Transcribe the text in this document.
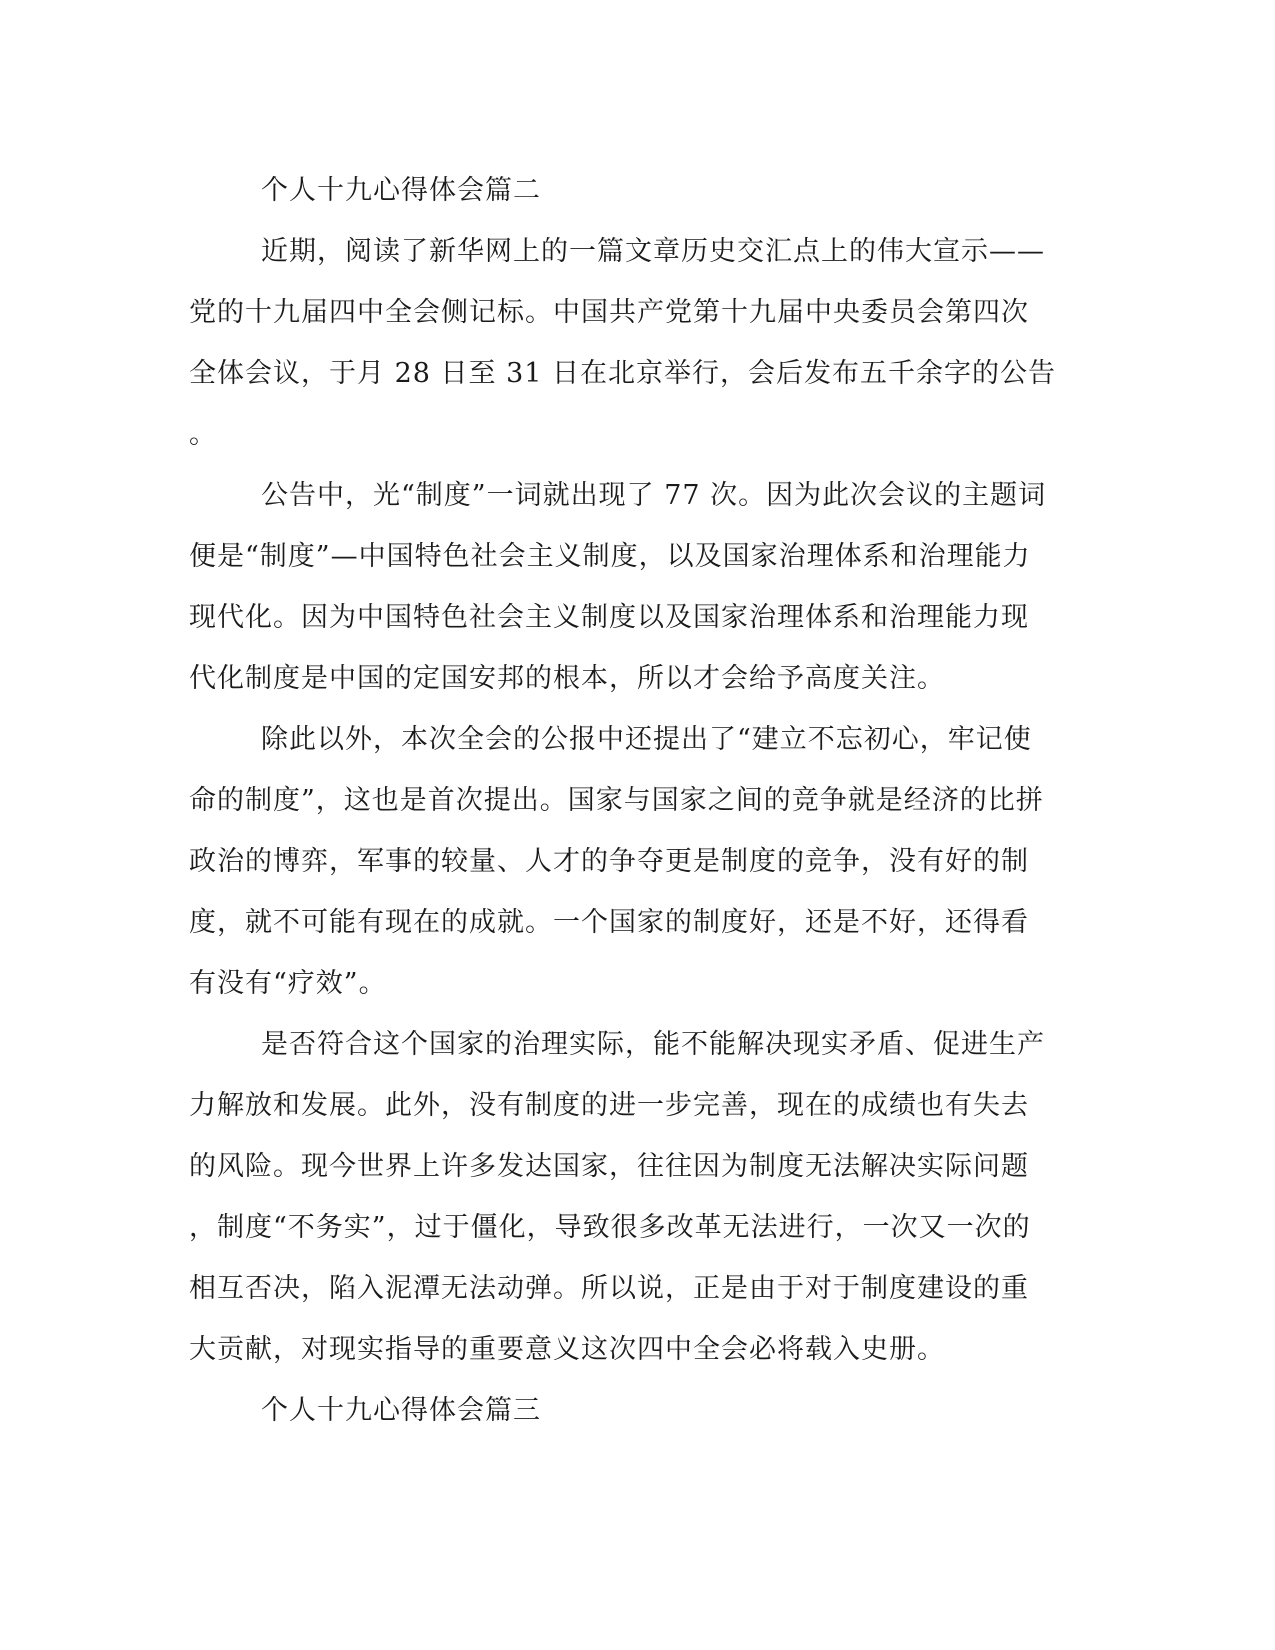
个人十九心得体会篇二
近期，阅读了新华网上的一篇文章历史交汇点上的伟大宣示——
党的十九届四中全会侧记标。中国共产党第十九届中央委员会第四次
全体会议，于月 28 日至 31 日在北京举行，会后发布五千余字的公告
。
公告中，光“制度”一词就出现了 77 次。因为此次会议的主题词
便是“制度”—中国特色社会主义制度，以及国家治理体系和治理能力
现代化。因为中国特色社会主义制度以及国家治理体系和治理能力现
代化制度是中国的定国安邦的根本，所以才会给予高度关注。
除此以外，本次全会的公报中还提出了“建立不忘初心，牢记使
命的制度”，这也是首次提出。国家与国家之间的竞争就是经济的比拼
政治的博弈，军事的较量、人才的争夺更是制度的竞争，没有好的制
度，就不可能有现在的成就。一个国家的制度好，还是不好，还得看
有没有“疗效”。
是否符合这个国家的治理实际，能不能解决现实矛盾、促进生产
力解放和发展。此外，没有制度的进一步完善，现在的成绩也有失去
的风险。现今世界上许多发达国家，往往因为制度无法解决实际问题
，制度“不务实”，过于僵化，导致很多改革无法进行，一次又一次的
相互否决，陷入泥潭无法动弹。所以说，正是由于对于制度建设的重
大贡献，对现实指导的重要意义这次四中全会必将载入史册。
个人十九心得体会篇三
